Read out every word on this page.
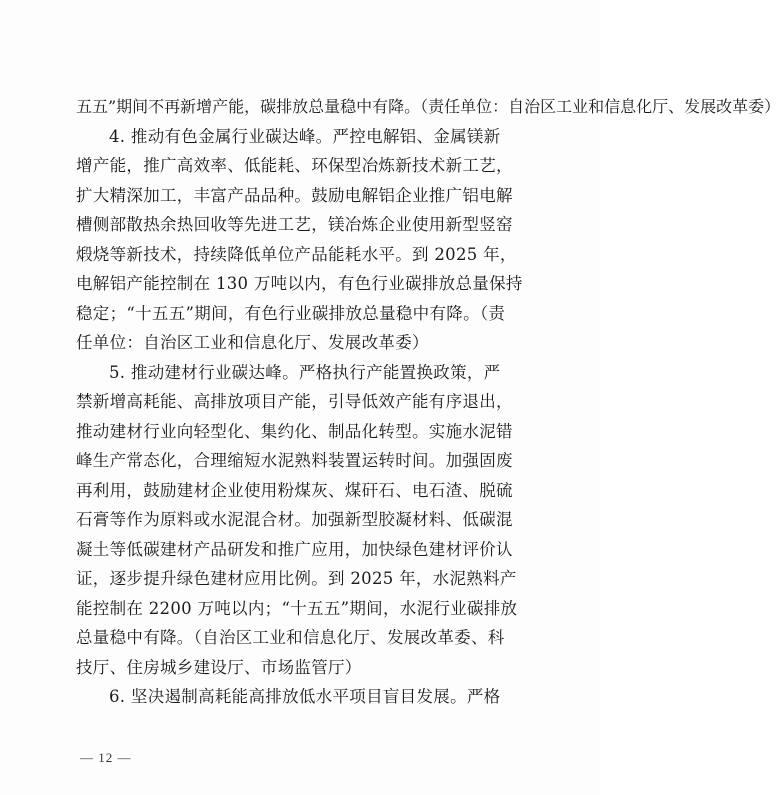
五五”期间不再新增产能，碳排放总量稳中有降。（责任单位：自治区工业和信息化厅、发展改革委）
4. 推动有色金属行业碳达峰。严控电解铝、金属镁新
增产能，推广高效率、低能耗、环保型冶炼新技术新工艺，
扩大精深加工，丰富产品品种。鼓励电解铝企业推广铝电解
槽侧部散热余热回收等先进工艺，镁冶炼企业使用新型竖窑
煅烧等新技术，持续降低单位产品能耗水平。到 2025 年，
电解铝产能控制在 130 万吨以内，有色行业碳排放总量保持
稳定；“十五五”期间，有色行业碳排放总量稳中有降。（责
任单位：自治区工业和信息化厅、发展改革委）
5. 推动建材行业碳达峰。严格执行产能置换政策，严
禁新增高耗能、高排放项目产能，引导低效产能有序退出，
推动建材行业向轻型化、集约化、制品化转型。实施水泥错
峰生产常态化，合理缩短水泥熟料装置运转时间。加强固废
再利用，鼓励建材企业使用粉煤灰、煤矸石、电石渣、脱硫
石膏等作为原料或水泥混合材。加强新型胶凝材料、低碳混
凝土等低碳建材产品研发和推广应用，加快绿色建材评价认
证，逐步提升绿色建材应用比例。到 2025 年，水泥熟料产
能控制在 2200 万吨以内；“十五五”期间，水泥行业碳排放
总量稳中有降。（自治区工业和信息化厅、发展改革委、科
技厅、住房城乡建设厅、市场监管厅）
6. 坚决遏制高耗能高排放低水平项目盲目发展。严格
— 12 —
